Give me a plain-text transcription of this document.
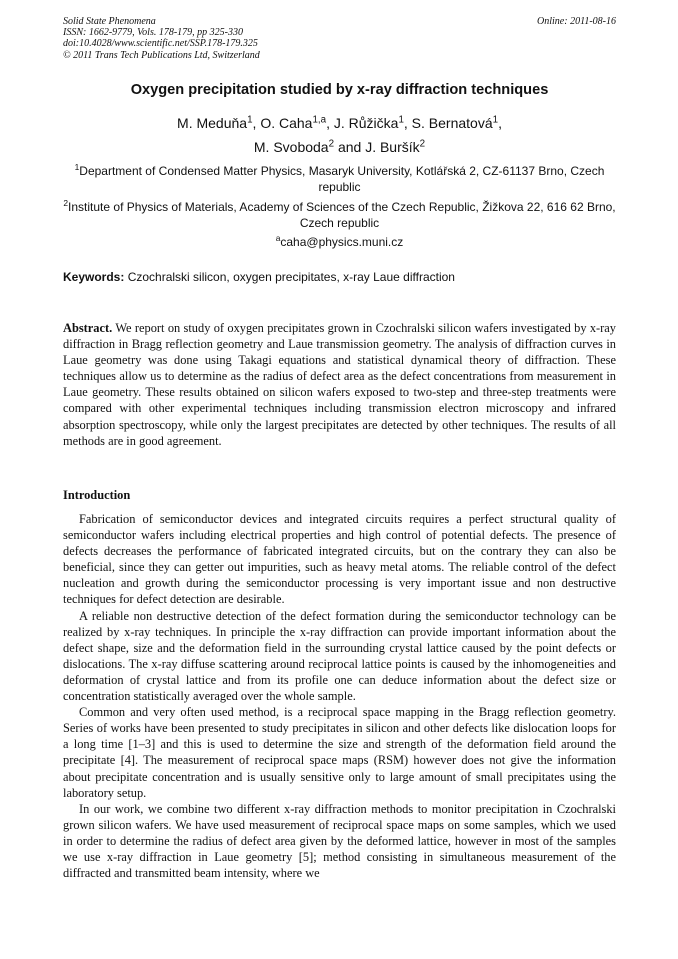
Solid State Phenomena
ISSN: 1662-9779, Vols. 178-179, pp 325-330
doi:10.4028/www.scientific.net/SSP.178-179.325
© 2011 Trans Tech Publications Ltd, Switzerland
Online: 2011-08-16
Oxygen precipitation studied by x-ray diffraction techniques
M. Meduňa$^1$, O. Caha$^{1,a}$, J. Růžička$^1$, S. Bernatová$^1$,
M. Svoboda$^2$ and J. Buršík$^2$
$^1$Department of Condensed Matter Physics, Masaryk University, Kotlářská 2, CZ-61137 Brno, Czech republic
$^2$Institute of Physics of Materials, Academy of Sciences of the Czech Republic, Žižkova 22, 616 62 Brno, Czech republic
$^a$caha@physics.muni.cz
Keywords: Czochralski silicon, oxygen precipitates, x-ray Laue diffraction
Abstract. We report on study of oxygen precipitates grown in Czochralski silicon wafers investigated by x-ray diffraction in Bragg reflection geometry and Laue transmission geometry. The analysis of diffraction curves in Laue geometry was done using Takagi equations and statistical dynamical theory of diffraction. These techniques allow us to determine as the radius of defect area as the defect concentrations from measurement in Laue geometry. These results obtained on silicon wafers exposed to two-step and three-step treatments were compared with other experimental techniques including transmission electron microscopy and infrared absorption spectroscopy, while only the largest precipitates are detected by other techniques. The results of all methods are in good agreement.
Introduction

Fabrication of semiconductor devices and integrated circuits requires a perfect structural quality of semiconductor wafers including electrical properties and high control of potential defects. The presence of defects decreases the performance of fabricated integrated circuits, but on the contrary they can also be beneficial, since they can getter out impurities, such as heavy metal atoms. The reliable control of the defect nucleation and growth during the semiconductor processing is very important issue and non destructive techniques for defect detection are desirable.

A reliable non destructive detection of the defect formation during the semiconductor technology can be realized by x-ray techniques. In principle the x-ray diffraction can provide important information about the defect shape, size and the deformation field in the surrounding crystal lattice caused by the point defects or dislocations. The x-ray diffuse scattering around reciprocal lattice points is caused by the inhomogeneities and deformation of crystal lattice and from its profile one can deduce information about the defect size or concentration statistically averaged over the whole sample.

Common and very often used method, is a reciprocal space mapping in the Bragg reflection geometry. Series of works have been presented to study precipitates in silicon and other defects like dislocation loops for a long time [1–3] and this is used to determine the size and strength of the deformation field around the precipitate [4]. The measurement of reciprocal space maps (RSM) however does not give the information about precipitate concentration and is usually sensitive only to large amount of small precipitates using the laboratory setup.

In our work, we combine two different x-ray diffraction methods to monitor precipitation in Czochralski grown silicon wafers. We have used measurement of reciprocal space maps on some samples, which we used in order to determine the radius of defect area given by the deformed lattice, however in most of the samples we use x-ray diffraction in Laue geometry [5]; method consisting in simultaneous measurement of the diffracted and transmitted beam intensity, where we
